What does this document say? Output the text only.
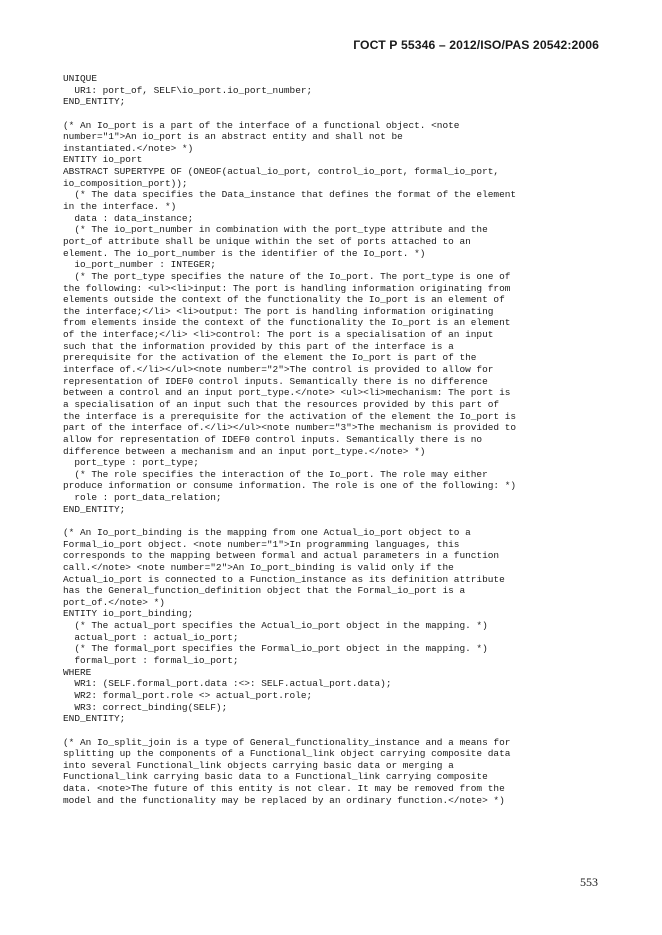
ГОСТ Р 55346 – 2012/ISO/PAS 20542:2006
UNIQUE
UR1: port_of, SELF\io_port.io_port_number;
END_ENTITY;
(* An Io_port is a part of the interface of a functional object. <note
number="1">An io_port is an abstract entity and shall not be
instantiated.</note> *)
ENTITY io_port
ABSTRACT SUPERTYPE OF (ONEOF(actual_io_port, control_io_port, formal_io_port,
io_composition_port));
(* The data specifies the Data_instance that defines the format of the element
in the interface. *)
data : data_instance;
(* The io_port_number in combination with the port_type attribute and the
port_of attribute shall be unique within the set of ports attached to an
element. The io_port_number is the identifier of the Io_port. *)
io_port_number : INTEGER;
(* The port_type specifies the nature of the Io_port. The port_type is one of
the following: <ul><li>input: The port is handling information originating from
elements outside the context of the functionality the Io_port is an element of
the interface;</li> <li>output: The port is handling information originating
from elements inside the context of the functionality the Io_port is an element
of the interface;</li> <li>control: The port is a specialisation of an input
such that the information provided by this part of the interface is a
prerequisite for the activation of the element the Io_port is part of the
interface of.</li></ul><note number="2">The control is provided to allow for
representation of IDEF0 control inputs. Semantically there is no difference
between a control and an input port_type.</note> <ul><li>mechanism: The port is
a specialisation of an input such that the resources provided by this part of
the interface is a prerequisite for the activation of the element the Io_port is
part of the interface of.</li></ul><note number="3">The mechanism is provided to
allow for representation of IDEF0 control inputs. Semantically there is no
difference between a mechanism and an input port_type.</note> *)
port_type : port_type;
(* The role specifies the interaction of the Io_port. The role may either
produce information or consume information. The role is one of the following: *)
role : port_data_relation;
END_ENTITY;
(* An Io_port_binding is the mapping from one Actual_io_port object to a
Formal_io_port object. <note number="1">In programming languages, this
corresponds to the mapping between formal and actual parameters in a function
call.</note> <note number="2">An Io_port_binding is valid only if the
Actual_io_port is connected to a Function_instance as its definition attribute
has the General_function_definition object that the Formal_io_port is a
port_of.</note> *)
ENTITY io_port_binding;
(* The actual_port specifies the Actual_io_port object in the mapping. *)
actual_port : actual_io_port;
(* The formal_port specifies the Formal_io_port object in the mapping. *)
formal_port : formal_io_port;
WHERE
WR1: (SELF.formal_port.data :<>: SELF.actual_port.data);
WR2: formal_port.role <> actual_port.role;
WR3: correct_binding(SELF);
END_ENTITY;
(* An Io_split_join is a type of General_functionality_instance and a means for
splitting up the components of a Functional_link object carrying composite data
into several Functional_link objects carrying basic data or merging a
Functional_link carrying basic data to a Functional_link carrying composite
data. <note>The future of this entity is not clear. It may be removed from the
model and the functionality may be replaced by an ordinary function.</note> *)
553
